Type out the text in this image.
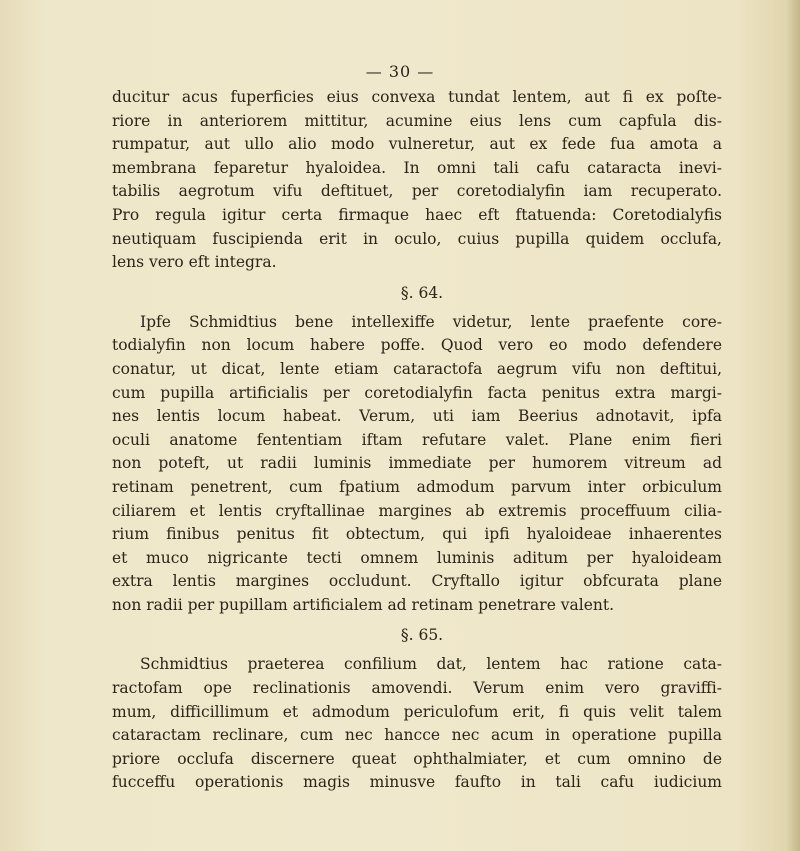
— 30 —
ducitur acus fuperficies eius convexa tundat lentem, aut fi ex poſte-
riore in anteriorem mittitur, acumine eius lens cum capfula dis-
rumpatur, aut ullo alio modo vulneretur, aut ex fede fua amota a
membrana feparetur hyaloidea. In omni tali cafu cataracta inevi-
tabilis aegrotum vifu deftituet, per coretodialyfin iam recuperato.
Pro regula igitur certa firmaque haec eft ftatuenda: Coretodialyfis
neutiquam fuscipienda erit in oculo, cuius pupilla quidem occlufa,
lens vero eft integra.
§. 64.
Ipfe Schmidtius bene intellexiffe videtur, lente praefente core-
todialyfin non locum habere poffe. Quod vero eo modo defendere
conatur, ut dicat, lente etiam cataractofa aegrum vifu non deftitui,
cum pupilla artificialis per coretodialyfin facta penitus extra margi-
nes lentis locum habeat. Verum, uti iam Beerius adnotavit, ipfa
oculi anatome fententiam iftam refutare valet. Plane enim fieri
non poteft, ut radii luminis immediate per humorem vitreum ad
retinam penetrent, cum fpatium admodum parvum inter orbiculum
ciliarem et lentis cryftallinae margines ab extremis proceffuum cilia-
rium finibus penitus fit obtectum, qui ipfi hyaloideae inhaerentes
et muco nigricante tecti omnem luminis aditum per hyaloideam
extra lentis margines occludunt. Cryftallo igitur obfcurata plane
non radii per pupillam artificialem ad retinam penetrare valent.
§. 65.
Schmidtius praeterea confilium dat, lentem hac ratione cata-
ractofam ope reclinationis amovendi. Verum enim vero graviffi-
mum, difficillimum et admodum periculofum erit, fi quis velit talem
cataractam reclinare, cum nec hancce nec acum in operatione pupilla
priore occlufa discernere queat ophthalmiater, et cum omnino de
fucceffu operationis magis minusve faufto in tali cafu iudicium
